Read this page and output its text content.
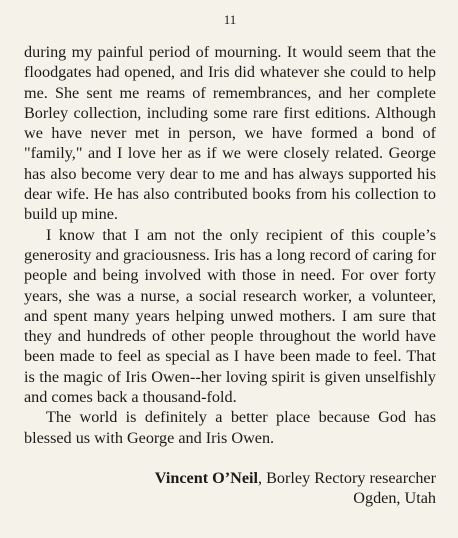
11

during my painful period of mourning. It would seem that the floodgates had opened, and Iris did whatever she could to help me. She sent me reams of remembrances, and her complete Borley collection, including some rare first editions. Although we have never met in person, we have formed a bond of "family," and I love her as if we were closely related. George has also become very dear to me and has always supported his dear wife. He has also contributed books from his collection to build up mine.

I know that I am not the only recipient of this couple’s generosity and graciousness. Iris has a long record of caring for people and being involved with those in need. For over forty years, she was a nurse, a social research worker, a volunteer, and spent many years helping unwed mothers. I am sure that they and hundreds of other people throughout the world have been made to feel as special as I have been made to feel. That is the magic of Iris Owen--her loving spirit is given unselfishly and comes back a thousand-fold.

The world is definitely a better place because God has blessed us with George and Iris Owen.

Vincent O’Neil, Borley Rectory researcher
Ogden, Utah
